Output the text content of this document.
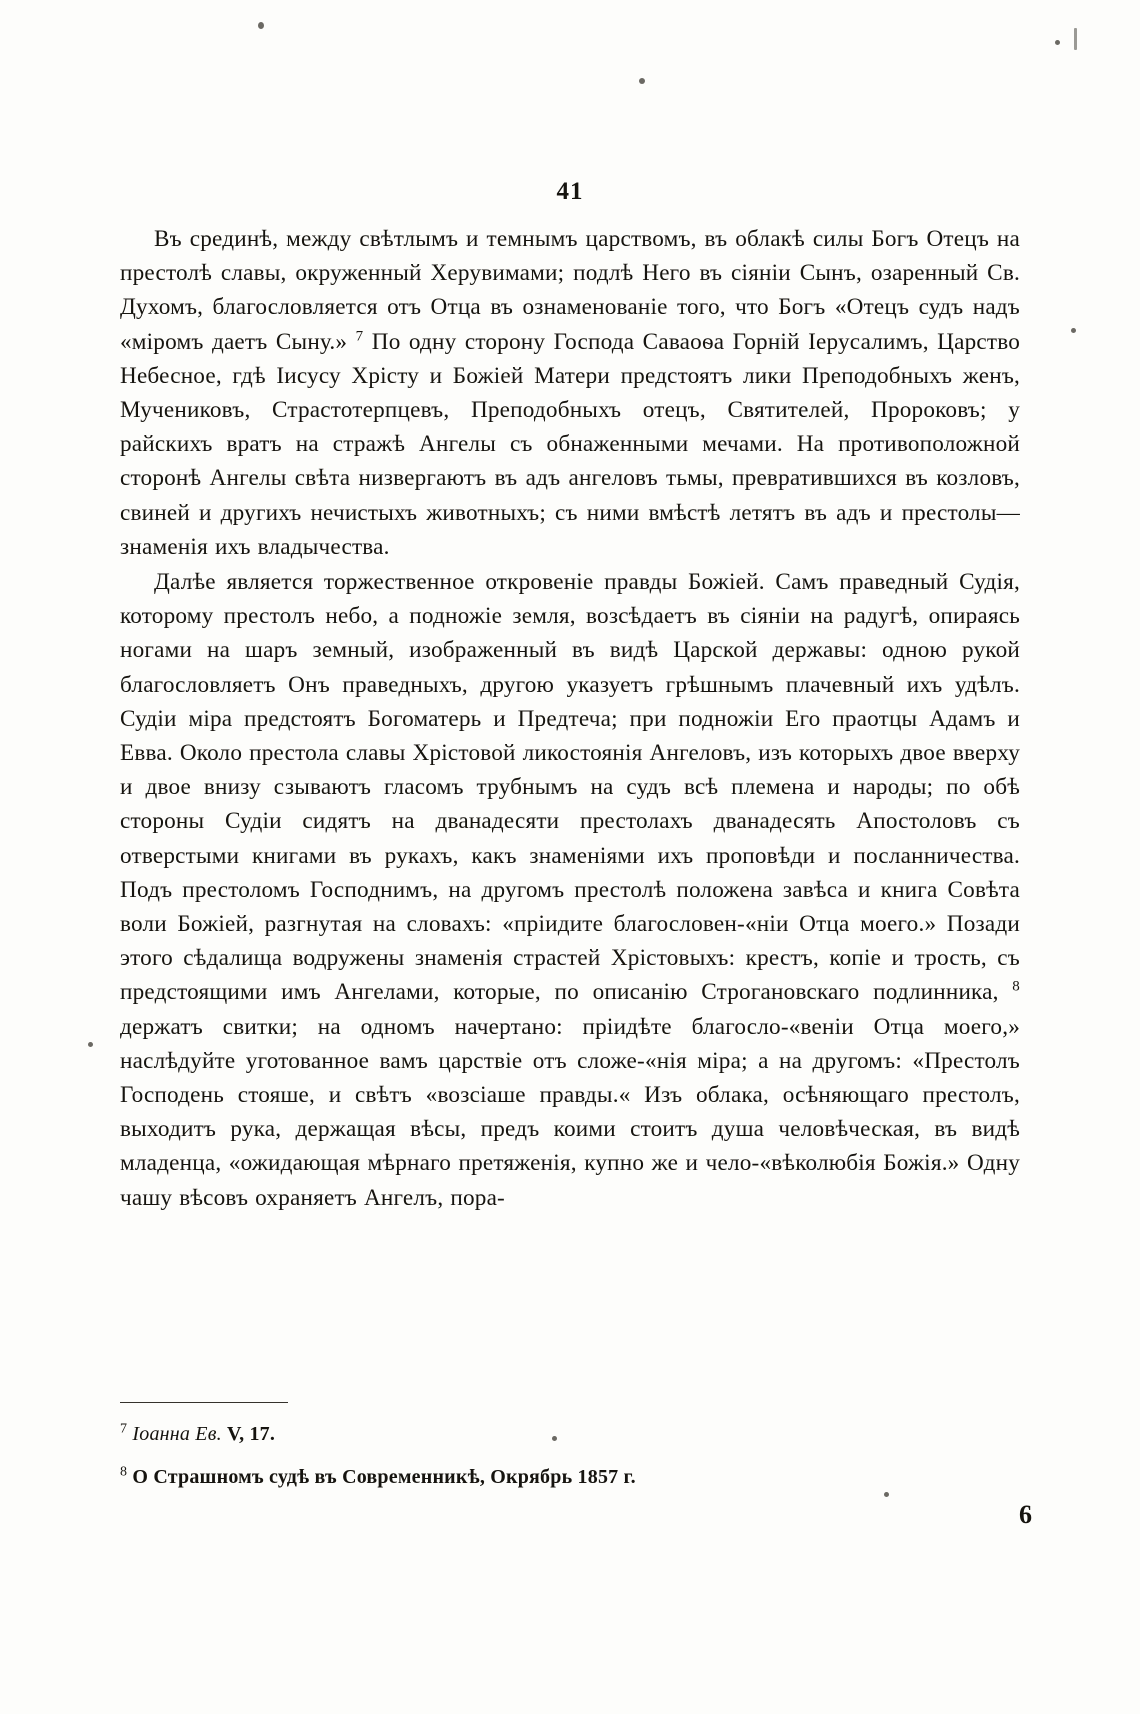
41

Въ срединѣ, между свѣтлымъ и темнымъ царствомъ, въ облакѣ силы Богъ Отецъ на престолѣ славы, окруженный Херувимами; подлѣ Него въ сіяніи Сынъ, озаренный Св. Духомъ, благословляется отъ Отца въ ознаменованіе того, что Богъ «Отецъ судъ надъ «міромъ даетъ Сыну.» $^7$ По одну сторону Господа Саваоѳа Горній Іерусалимъ, Царство Небесное, гдѣ Іисусу Хрісту и Божіей Матери предстоятъ лики Преподобныхъ женъ, Мучениковъ, Страстотерпцевъ, Преподобныхъ отецъ, Святителей, Пророковъ; у райскихъ вратъ на стражѣ Ангелы съ обнаженными мечами. На противоположной сторонѣ Ангелы свѣта низвергаютъ въ адъ ангеловъ тьмы, превратившихся въ козловъ, свиней и другихъ нечистыхъ животныхъ; съ ними вмѣстѣ летятъ въ адъ и престолы—знаменія ихъ владычества.

Далѣе является торжественное откровеніе правды Божіей. Самъ праведный Судія, которому престолъ небо, а подножіе земля, возсѣдаетъ въ сіяніи на радугѣ, опираясь ногами на шаръ земный, изображенный въ видѣ Царской державы: одною рукой благословляетъ Онъ праведныхъ, другою указуетъ грѣшнымъ плачевный ихъ удѣлъ. Судіи міра предстоятъ Богоматерь и Предтеча; при подножіи Его праотцы Адамъ и Евва. Около престола славы Хрістовой ликостоянія Ангеловъ, изъ которыхъ двое вверху и двое внизу сзываютъ гласомъ трубнымъ на судъ всѣ племена и народы; по обѣ стороны Судіи сидятъ на дванадесяти престолахъ дванадесять Апостоловъ съ отверстыми книгами въ рукахъ, какъ знаменіями ихъ проповѣди и посланничества. Подъ престоломъ Господнимъ, на другомъ престолѣ положена завѣса и книга Совѣта воли Божіей, разгнутая на словахъ: «пріидите благословен-«ніи Отца моего.» Позади этого сѣдалища водружены знаменія страстей Хрістовыхъ: крестъ, копіе и трость, съ предстоящими имъ Ангелами, которые, по описанію Строгановскаго подлинника, $^8$ держатъ свитки; на одномъ начертано: пріидѣте благосло-«веніи Отца моего,» наслѣдуйте уготованное вамъ царствіе отъ сложе-«нія міра; а на другомъ: «Престолъ Господень стояше, и свѣтъ «возсіаше правды.« Изъ облака, осѣняющаго престолъ, выходитъ рука, держащая вѣсы, предъ коими стоитъ душа человѣческая, въ видѣ младенца, «ожидающая мѣрнаго претяженія, купно же и чело-«вѣколюбія Божія.» Одну чашу вѣсовъ охраняетъ Ангелъ, пора-

$^7$ Іоанна Ев. V, 17.
$^8$ О Страшномъ судѣ въ Современникѣ, Окрябрь 1857 г.
6
